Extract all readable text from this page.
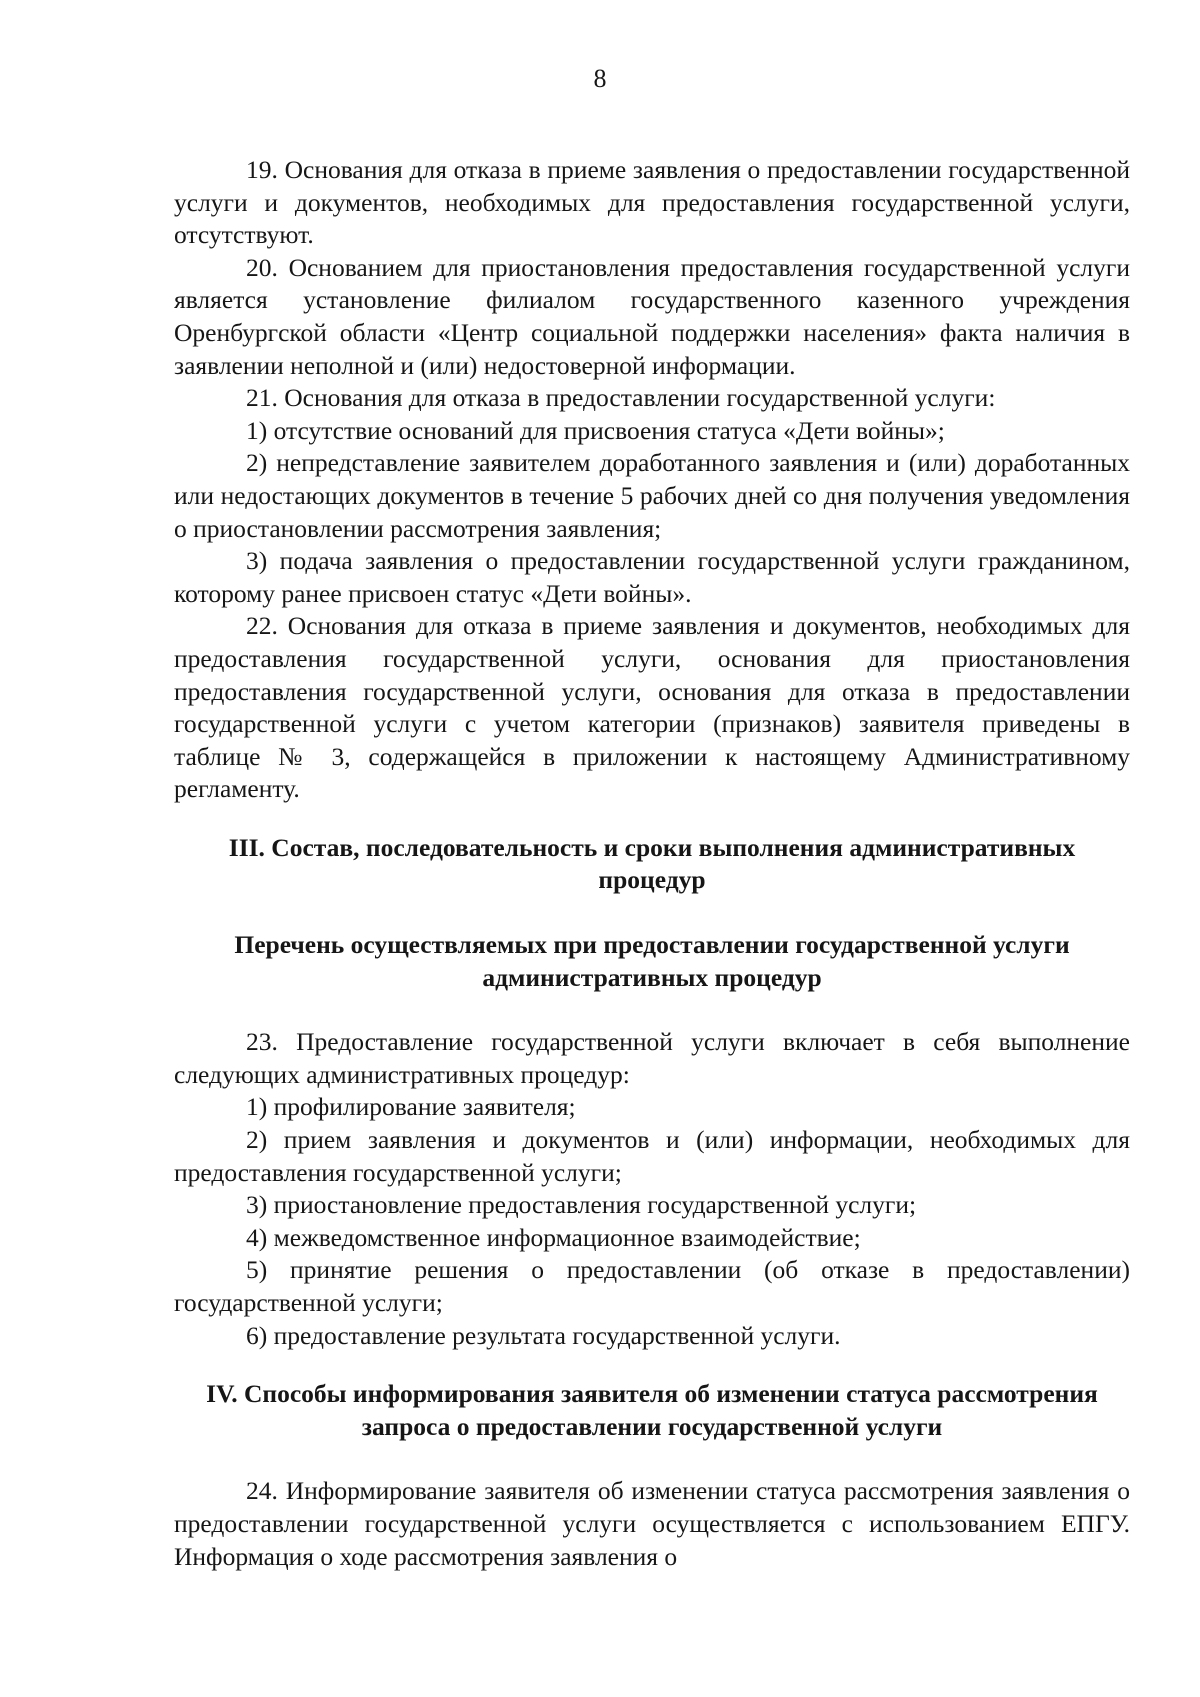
8

19. Основания для отказа в приеме заявления о предоставлении государственной услуги и документов, необходимых для предоставления государственной услуги, отсутствуют.

20. Основанием для приостановления предоставления государственной услуги является установление филиалом государственного казенного учреждения Оренбургской области «Центр социальной поддержки населения» факта наличия в заявлении неполной и (или) недостоверной информации.

21. Основания для отказа в предоставлении государственной услуги:

1) отсутствие оснований для присвоения статуса «Дети войны»;

2) непредставление заявителем доработанного заявления и (или) доработанных или недостающих документов в течение 5 рабочих дней со дня получения уведомления о приостановлении рассмотрения заявления;

3) подача заявления о предоставлении государственной услуги гражданином, которому ранее присвоен статус «Дети войны».

22. Основания для отказа в приеме заявления и документов, необходимых для предоставления государственной услуги, основания для приостановления предоставления государственной услуги, основания для отказа в предоставлении государственной услуги с учетом категории (признаков) заявителя приведены в таблице № 3, содержащейся в приложении к настоящему Административному регламенту.

III. Состав, последовательность и сроки выполнения административных процедур

Перечень осуществляемых при предоставлении государственной услуги административных процедур

23. Предоставление государственной услуги включает в себя выполнение следующих административных процедур:

1) профилирование заявителя;

2) прием заявления и документов и (или) информации, необходимых для предоставления государственной услуги;

3) приостановление предоставления государственной услуги;

4) межведомственное информационное взаимодействие;

5) принятие решения о предоставлении (об отказе в предоставлении) государственной услуги;

6) предоставление результата государственной услуги.

IV. Способы информирования заявителя об изменении статуса рассмотрения запроса о предоставлении государственной услуги

24. Информирование заявителя об изменении статуса рассмотрения заявления о предоставлении государственной услуги осуществляется с использованием ЕПГУ. Информация о ходе рассмотрения заявления о
